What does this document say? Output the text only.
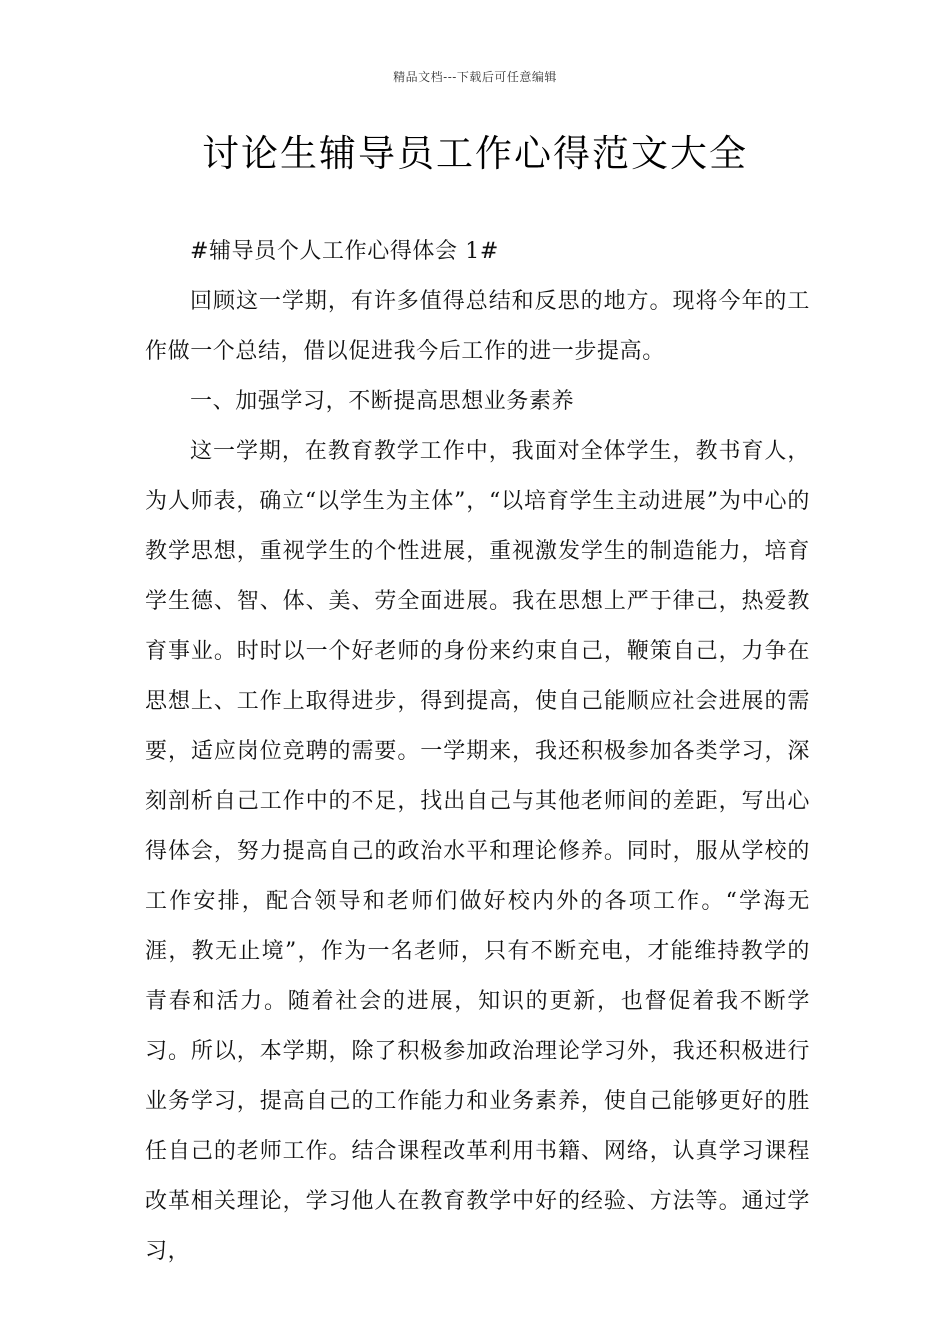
精品文档---下载后可任意编辑
讨论生辅导员工作心得范文大全

#辅导员个人工作心得体会 1#

回顾这一学期，有许多值得总结和反思的地方。现将今年的工作做一个总结，借以促进我今后工作的进一步提高。

一、加强学习，不断提高思想业务素养

这一学期，在教育教学工作中，我面对全体学生，教书育人，为人师表，确立“以学生为主体”，“以培育学生主动进展”为中心的教学思想，重视学生的个性进展，重视激发学生的制造能力，培育学生德、智、体、美、劳全面进展。我在思想上严于律己，热爱教育事业。时时以一个好老师的身份来约束自己，鞭策自己，力争在思想上、工作上取得进步，得到提高，使自己能顺应社会进展的需要，适应岗位竞聘的需要。一学期来，我还积极参加各类学习，深刻剖析自己工作中的不足，找出自己与其他老师间的差距，写出心得体会，努力提高自己的政治水平和理论修养。同时，服从学校的工作安排，配合领导和老师们做好校内外的各项工作。“学海无涯，教无止境”，作为一名老师，只有不断充电，才能维持教学的青春和活力。随着社会的进展，知识的更新，也督促着我不断学习。所以，本学期，除了积极参加政治理论学习外，我还积极进行业务学习，提高自己的工作能力和业务素养，使自己能够更好的胜任自己的老师工作。结合课程改革利用书籍、网络，认真学习课程改革相关理论，学习他人在教育教学中好的经验、方法等。通过学习，
